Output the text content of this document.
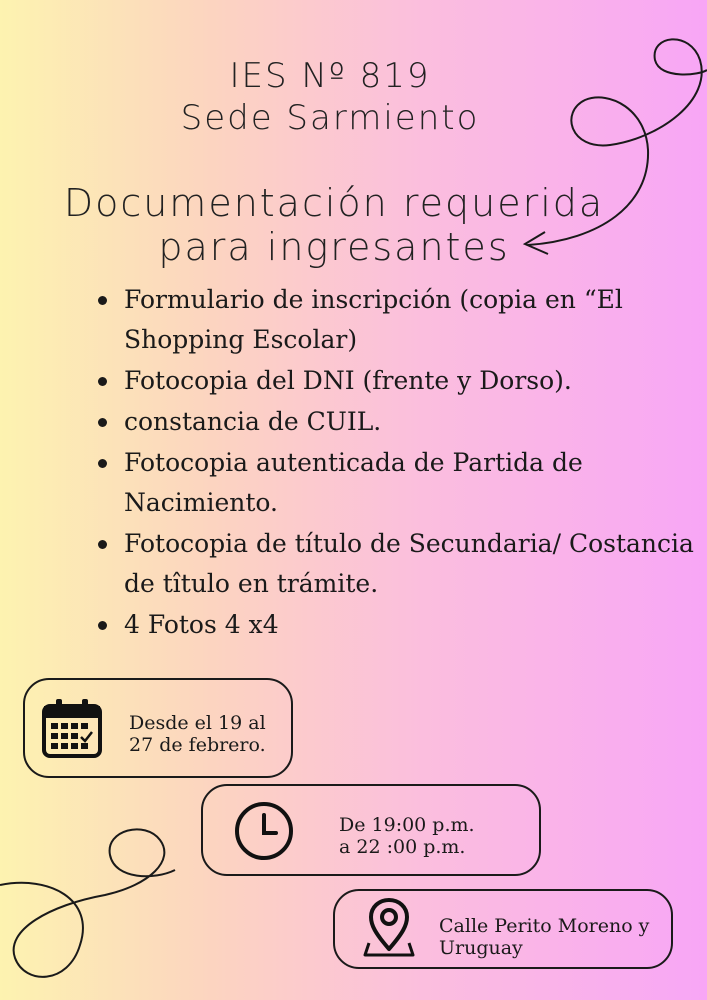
IES Nº 819
Sede Sarmiento
Documentación requerida
para ingresantes
Formulario de inscripción (copia en “El Shopping Escolar)
Fotocopia del DNI (frente y Dorso).
constancia de CUIL.
Fotocopia autenticada de Partida de Nacimiento.
Fotocopia de título de Secundaria/ Costancia de tîtulo en trámite.
4 Fotos 4 x4
Desde el 19 al
27 de febrero.
De 19:00 p.m.
a 22 :00 p.m.
Calle Perito Moreno y
Uruguay
